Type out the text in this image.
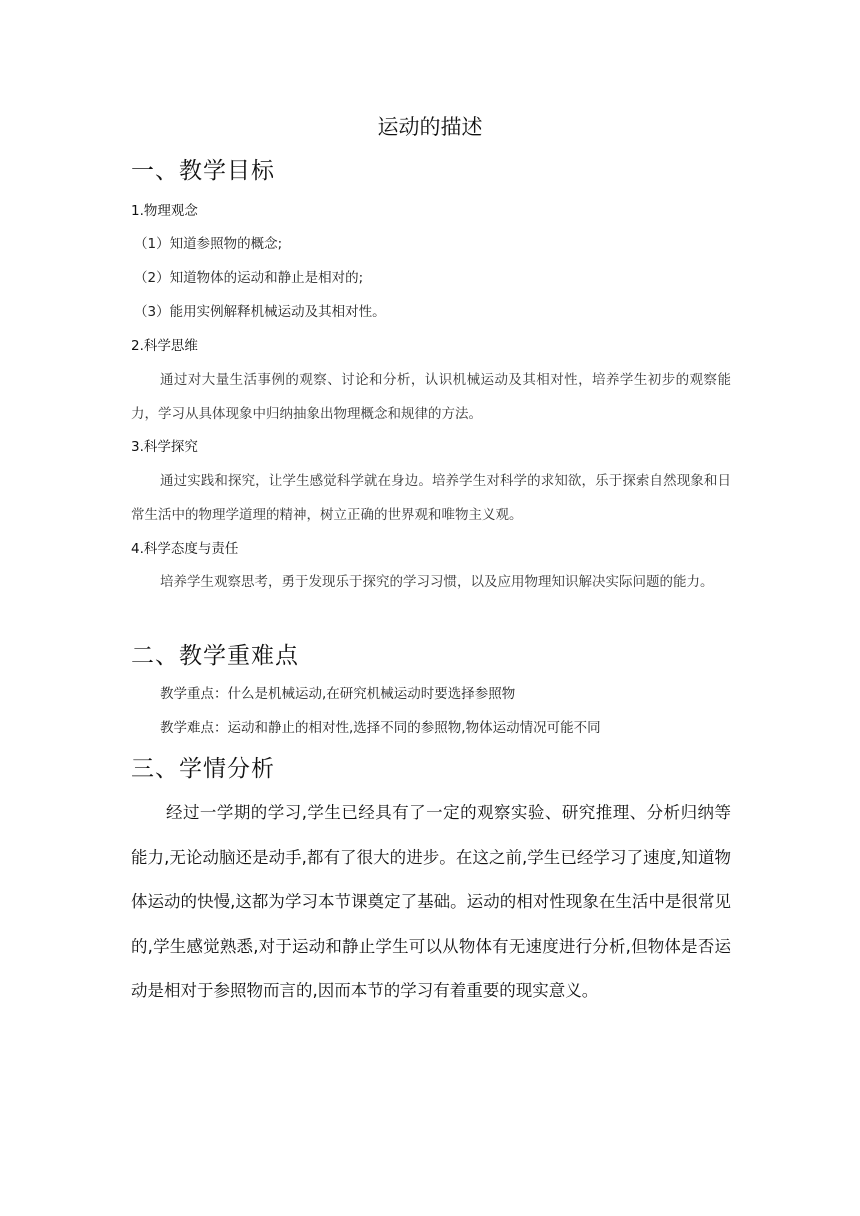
运动的描述
一、教学目标
1.物理观念
（1）知道参照物的概念;
（2）知道物体的运动和静止是相对的;
（3）能用实例解释机械运动及其相对性。
2.科学思维
通过对大量生活事例的观察、讨论和分析，认识机械运动及其相对性，培养学生初步的观察能力，学习从具体现象中归纳抽象出物理概念和规律的方法。
3.科学探究
通过实践和探究，让学生感觉科学就在身边。培养学生对科学的求知欲，乐于探索自然现象和日常生活中的物理学道理的精神，树立正确的世界观和唯物主义观。
4.科学态度与责任
培养学生观察思考，勇于发现乐于探究的学习习惯，以及应用物理知识解决实际问题的能力。
二、教学重难点
教学重点：什么是机械运动,在研究机械运动时要选择参照物
教学难点：运动和静止的相对性,选择不同的参照物,物体运动情况可能不同
三、学情分析
经过一学期的学习,学生已经具有了一定的观察实验、研究推理、分析归纳等能力,无论动脑还是动手,都有了很大的进步。在这之前,学生已经学习了速度,知道物体运动的快慢,这都为学习本节课奠定了基础。运动的相对性现象在生活中是很常见的,学生感觉熟悉,对于运动和静止学生可以从物体有无速度进行分析,但物体是否运动是相对于参照物而言的,因而本节的学习有着重要的现实意义。
